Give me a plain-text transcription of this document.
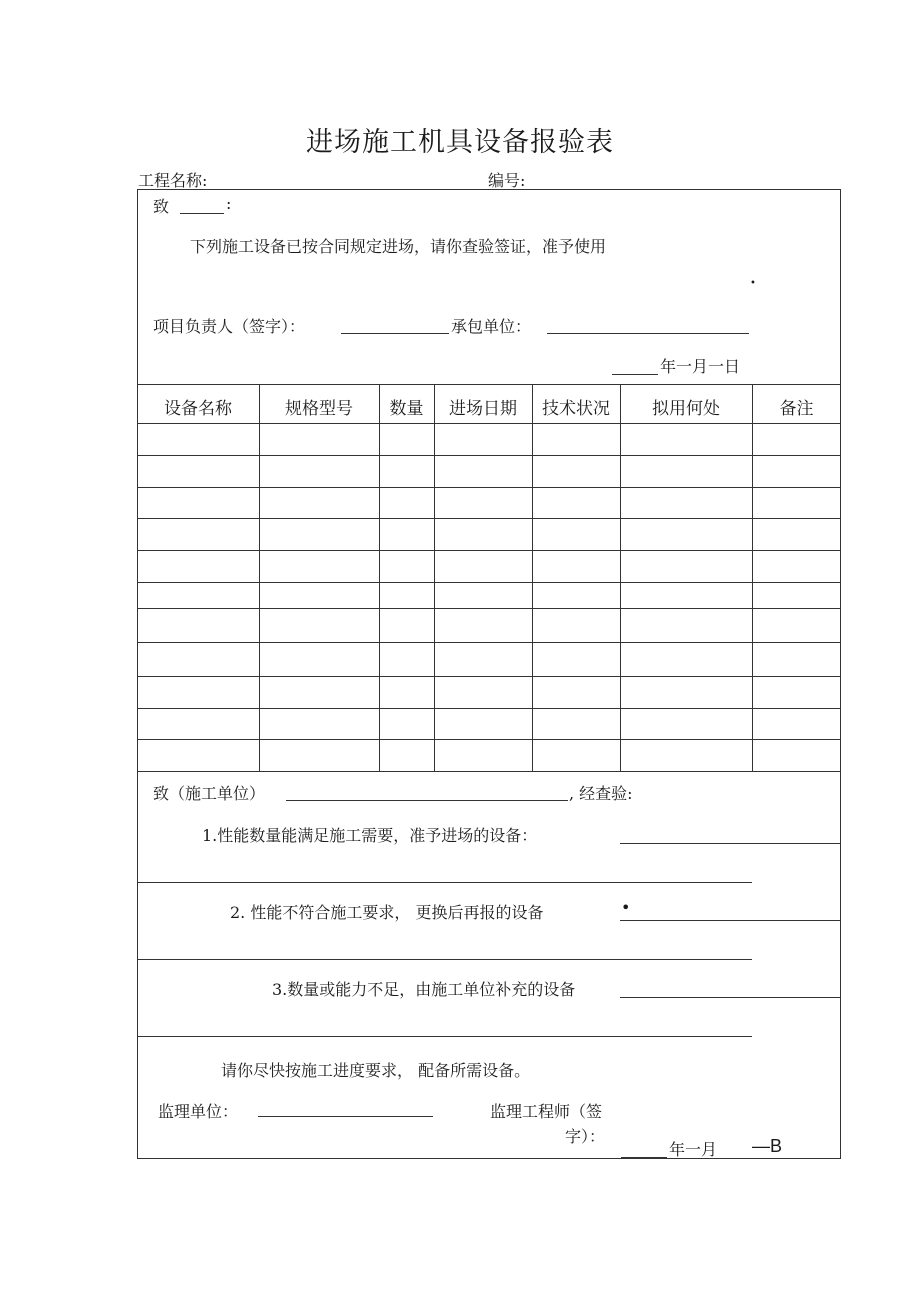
进场施工机具设备报验表
工程名称:	编号:
致	:
下列施工设备已按合同规定进场，请你查验签证，准予使用
•
项目负责人（签字）：	承包单位：
年一月一日
设备名称	规格型号	数量	进场日期	技术状况	拟用何处	备注
致（施工单位）	, 经查验:
1.性能数量能满足施工需要，准予进场的设备：
2. 性能不符合施工要求， 更换后再报的设备	•
3.数量或能力不足，由施工单位补充的设备
请你尽快按施工进度要求， 配备所需设备。
监理单位：	监理工程师（签
字）：
年一月 —B
